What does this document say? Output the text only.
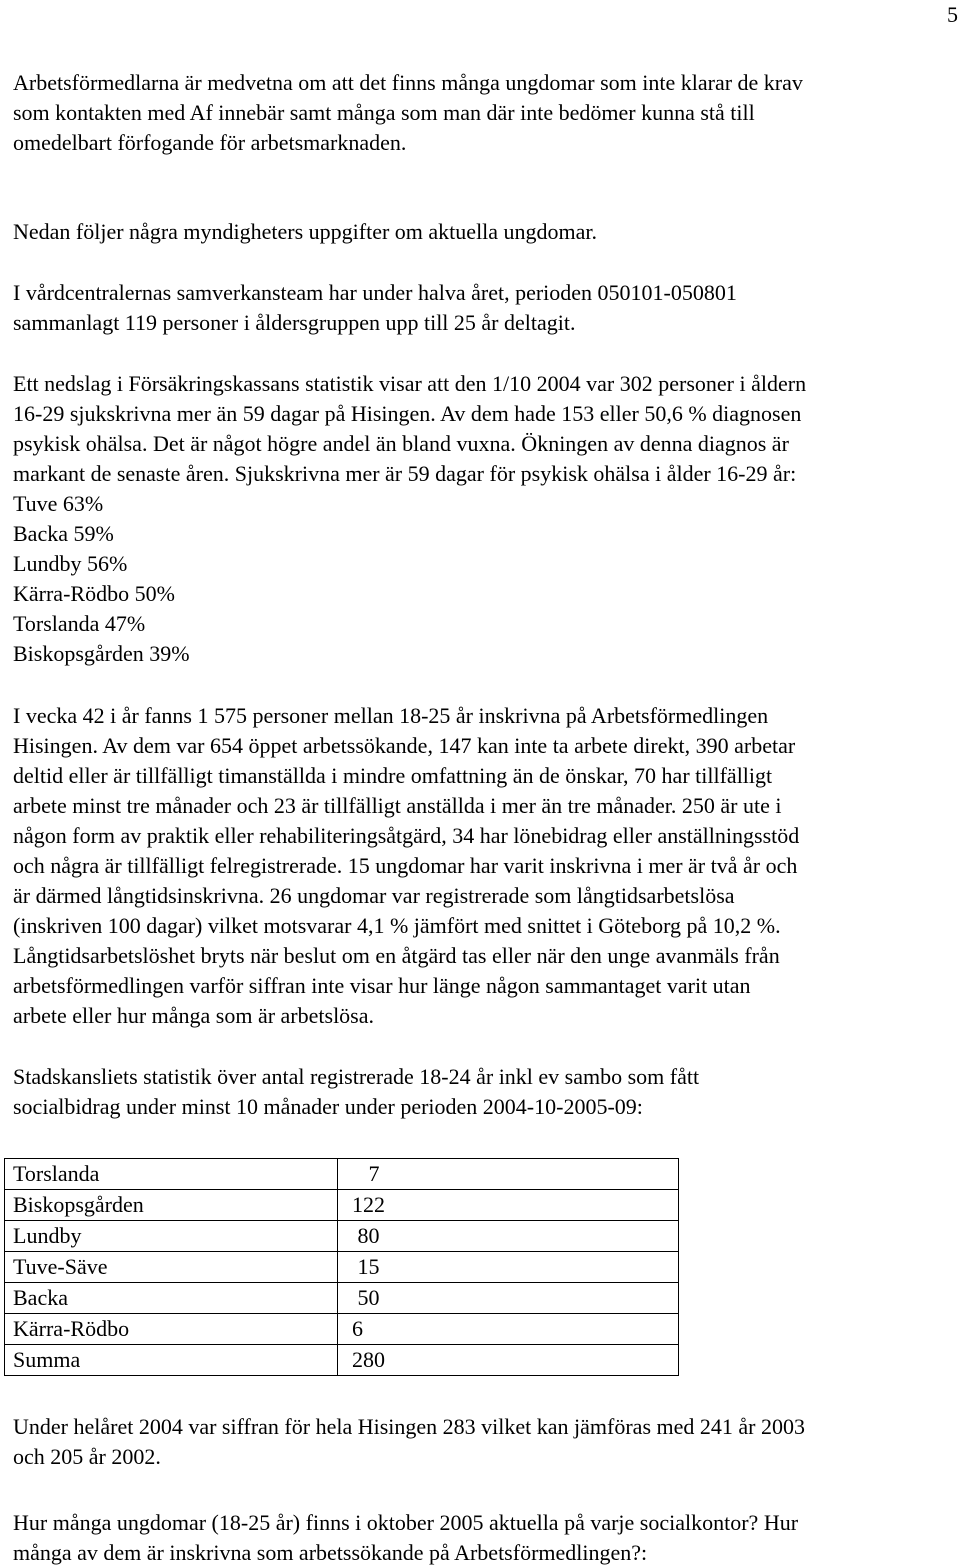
5

Arbetsförmedlarna är medvetna om att det finns många ungdomar som inte klarar de krav
som kontakten med Af innebär samt många som man där inte bedömer kunna stå till
omedelbart förfogande för arbetsmarknaden.

Nedan följer några myndigheters uppgifter om aktuella ungdomar.

I vårdcentralernas samverkansteam har under halva året, perioden 050101-050801
sammanlagt 119 personer i åldersgruppen upp till 25 år deltagit.

Ett nedslag i Försäkringskassans statistik visar att den 1/10 2004 var 302 personer i åldern
16-29 sjukskrivna mer än 59 dagar på Hisingen. Av dem hade 153 eller 50,6 % diagnosen
psykisk ohälsa. Det är något högre andel än bland vuxna. Ökningen av denna diagnos är
markant de senaste åren. Sjukskrivna mer är 59 dagar för psykisk ohälsa i ålder 16-29 år:
Tuve 63%
Backa 59%
Lundby 56%
Kärra-Rödbo 50%
Torslanda 47%
Biskopsgården 39%

I vecka 42 i år fanns 1 575 personer mellan 18-25 år inskrivna på Arbetsförmedlingen
Hisingen. Av dem var 654 öppet arbetssökande, 147 kan inte ta arbete direkt, 390 arbetar
deltid eller är tillfälligt timanställda i mindre omfattning än de önskar, 70 har tillfälligt
arbete minst tre månader och 23 är tillfälligt anställda i mer än tre månader. 250 är ute i
någon form av praktik eller rehabiliteringsåtgärd, 34 har lönebidrag eller anställningsstöd
och några är tillfälligt felregistrerade. 15 ungdomar har varit inskrivna i mer är två år och
är därmed långtidsinskrivna. 26 ungdomar var registrerade som långtidsarbetslösa
(inskriven 100 dagar) vilket motsvarar 4,1 % jämfört med snittet i Göteborg på 10,2 %.
Långtidsarbetslöshet bryts när beslut om en åtgärd tas eller när den unge avanmäls från
arbetsförmedlingen varför siffran inte visar hur länge någon sammantaget varit utan
arbete eller hur många som är arbetslösa.

Stadskansliets statistik över antal registrerade 18-24 år inkl ev sambo som fått
socialbidrag under minst 10 månader under perioden 2004-10-2005-09:

Torslanda	7
Biskopsgården	122
Lundby	80
Tuve-Säve	15
Backa	50
Kärra-Rödbo	6
Summa	280

Under helåret 2004 var siffran för hela Hisingen 283 vilket kan jämföras med 241 år 2003
och 205 år 2002.

Hur många ungdomar (18-25 år) finns i oktober 2005 aktuella på varje socialkontor? Hur
många av dem är inskrivna som arbetssökande på Arbetsförmedlingen?:
